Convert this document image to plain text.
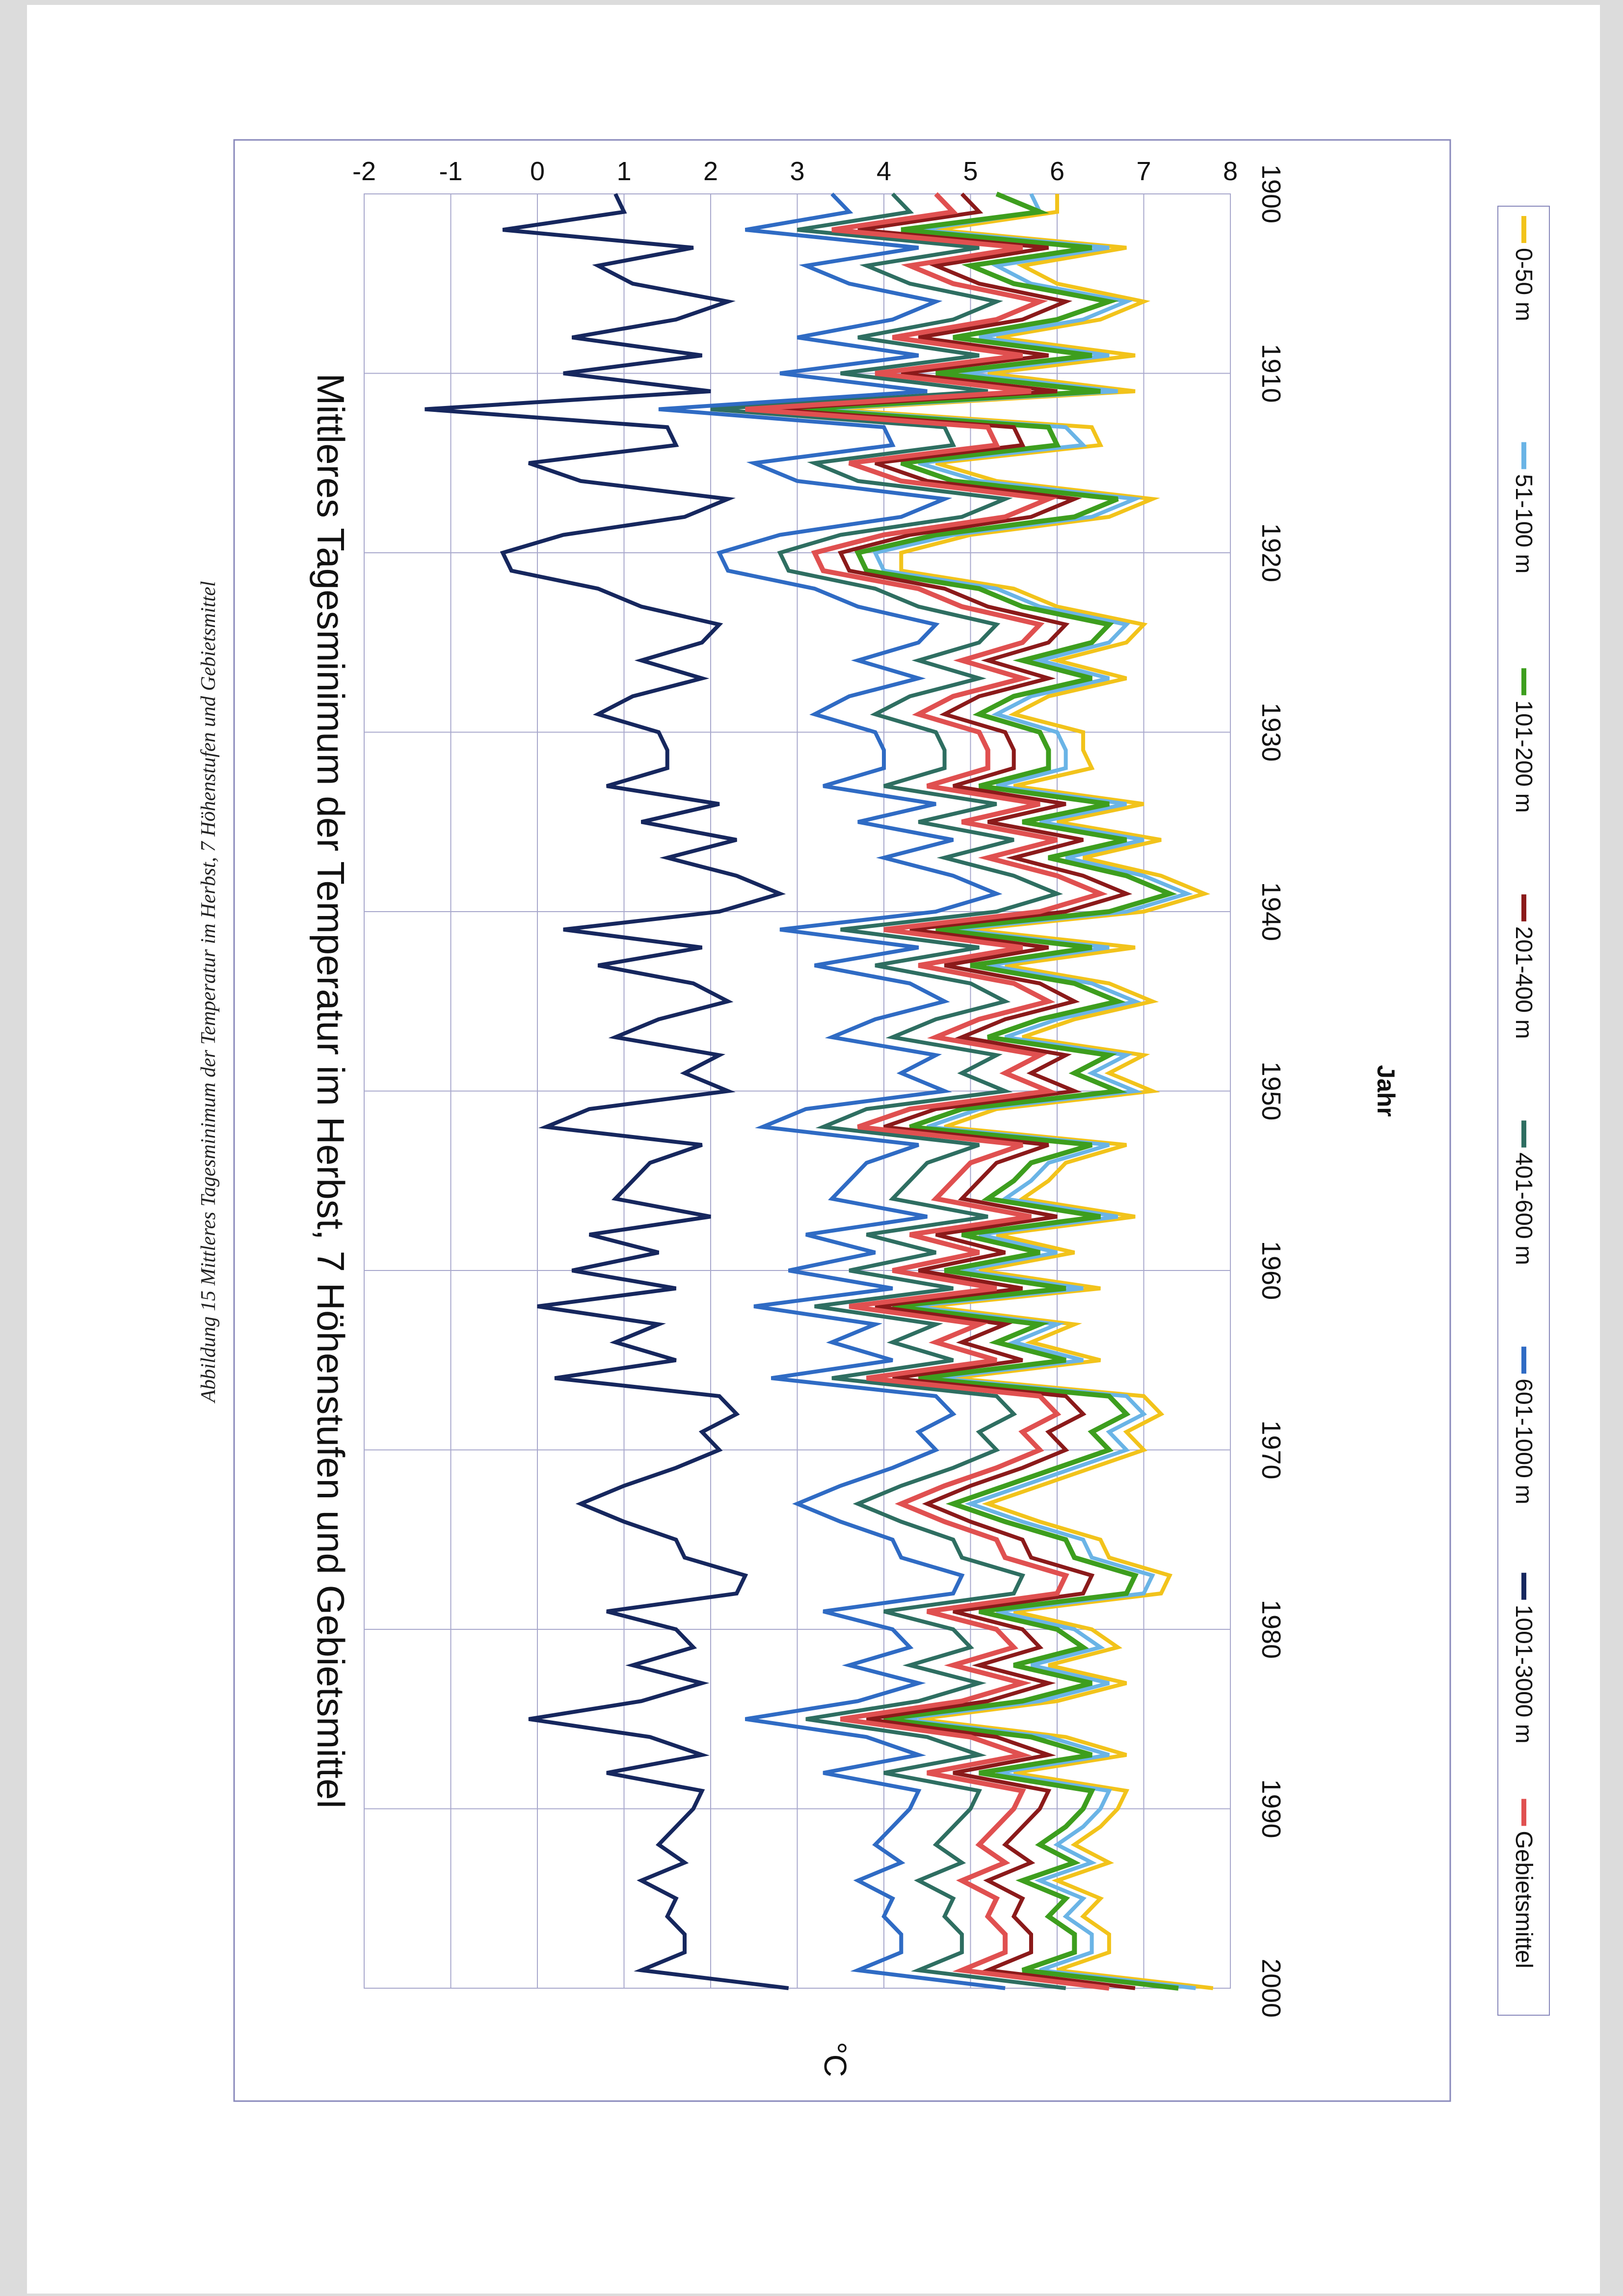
Abbildung 15 Mittleres Tagesminimum der Temperatur im Herbst, 7 Höhenstufen und Gebietsmittel
1900
1910
1920
1930
1940
1950
1960
1970
1980
1990
2000
-2 -1	0	1	2	3	4	5	6	7	8
0-50 m
51-100 m
101-200 m
201-400 m
401-600 m
601-1000 m
1001-3000 m
Gebietsmittel
Mittleres Tagesminimum der Temperatur im Herbst, 7 Höhenstufen und Gebietsmittel	Jahr
°C
